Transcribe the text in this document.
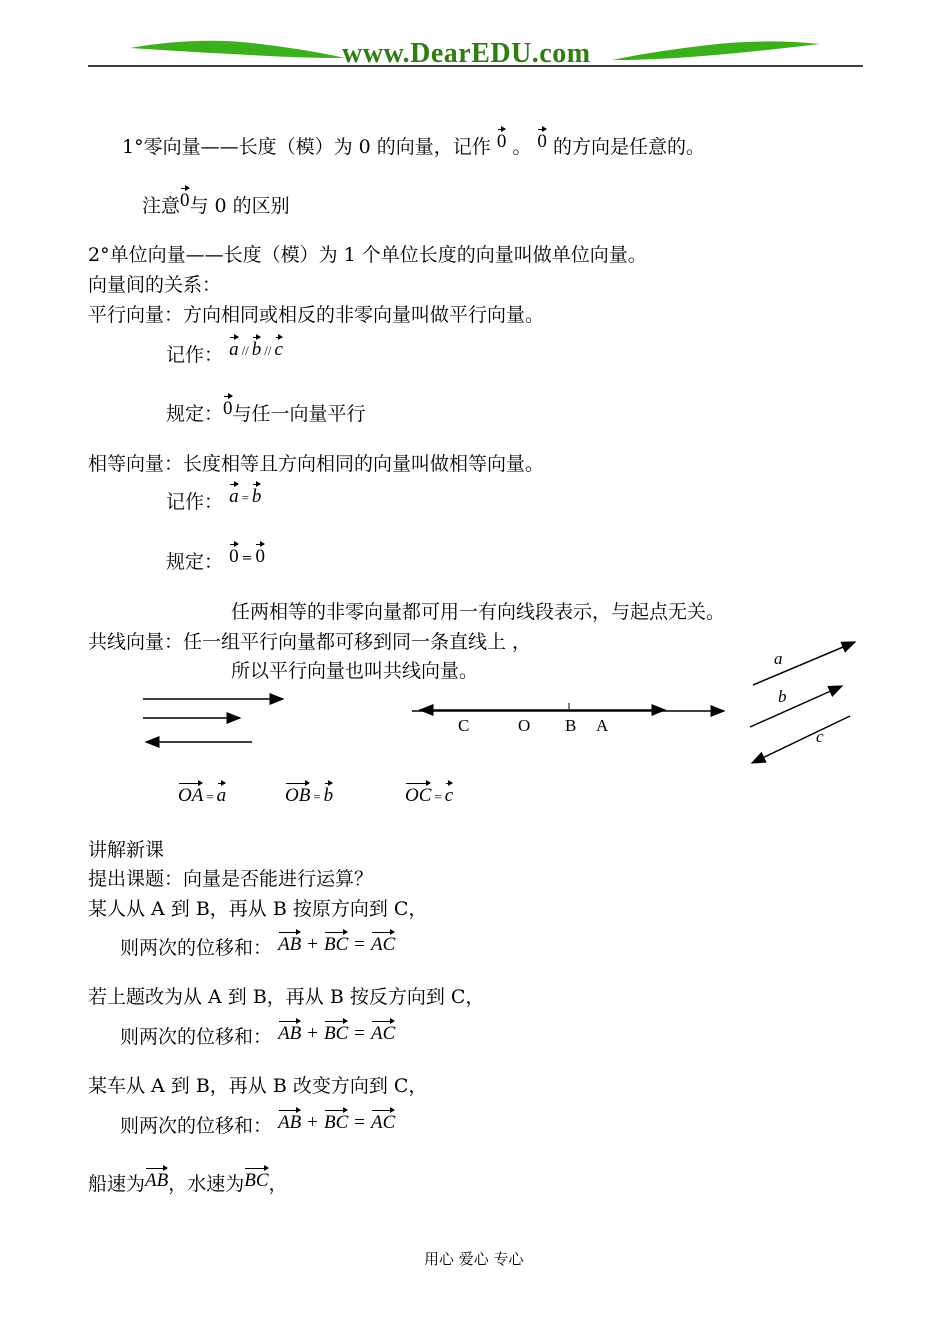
www.DearEDU.com
1°零向量——长度（模）为 0 的向量，记作 0 。 0 的方向是任意的。
注意0与 0 的区别
2°单位向量——长度（模）为 1 个单位长度的向量叫做单位向量。
向量间的关系：
平行向量：方向相同或相反的非零向量叫做平行向量。
记作： a // b // c
规定：0与任一向量平行
相等向量：长度相等且方向相同的向量叫做相等向量。
记作： a = b
规定： 0 = 0
任两相等的非零向量都可用一有向线段表示，与起点无关。
共线向量：任一组平行向量都可移到同一条直线上 ，
所以平行向量也叫共线向量。
C	O B A
a
b
c
OA = a	OB = b	OC = c
讲解新课
提出课题：向量是否能进行运算？
某人从 A 到 B，再从 B 按原方向到 C，
则两次的位移和： AB + BC = AC
若上题改为从 A 到 B，再从 B 按反方向到 C，
则两次的位移和： AB + BC = AC
某车从 A 到 B，再从 B 改变方向到 C，
则两次的位移和： AB + BC = AC
船速为AB，水速为BC，
用心 爱心 专心
